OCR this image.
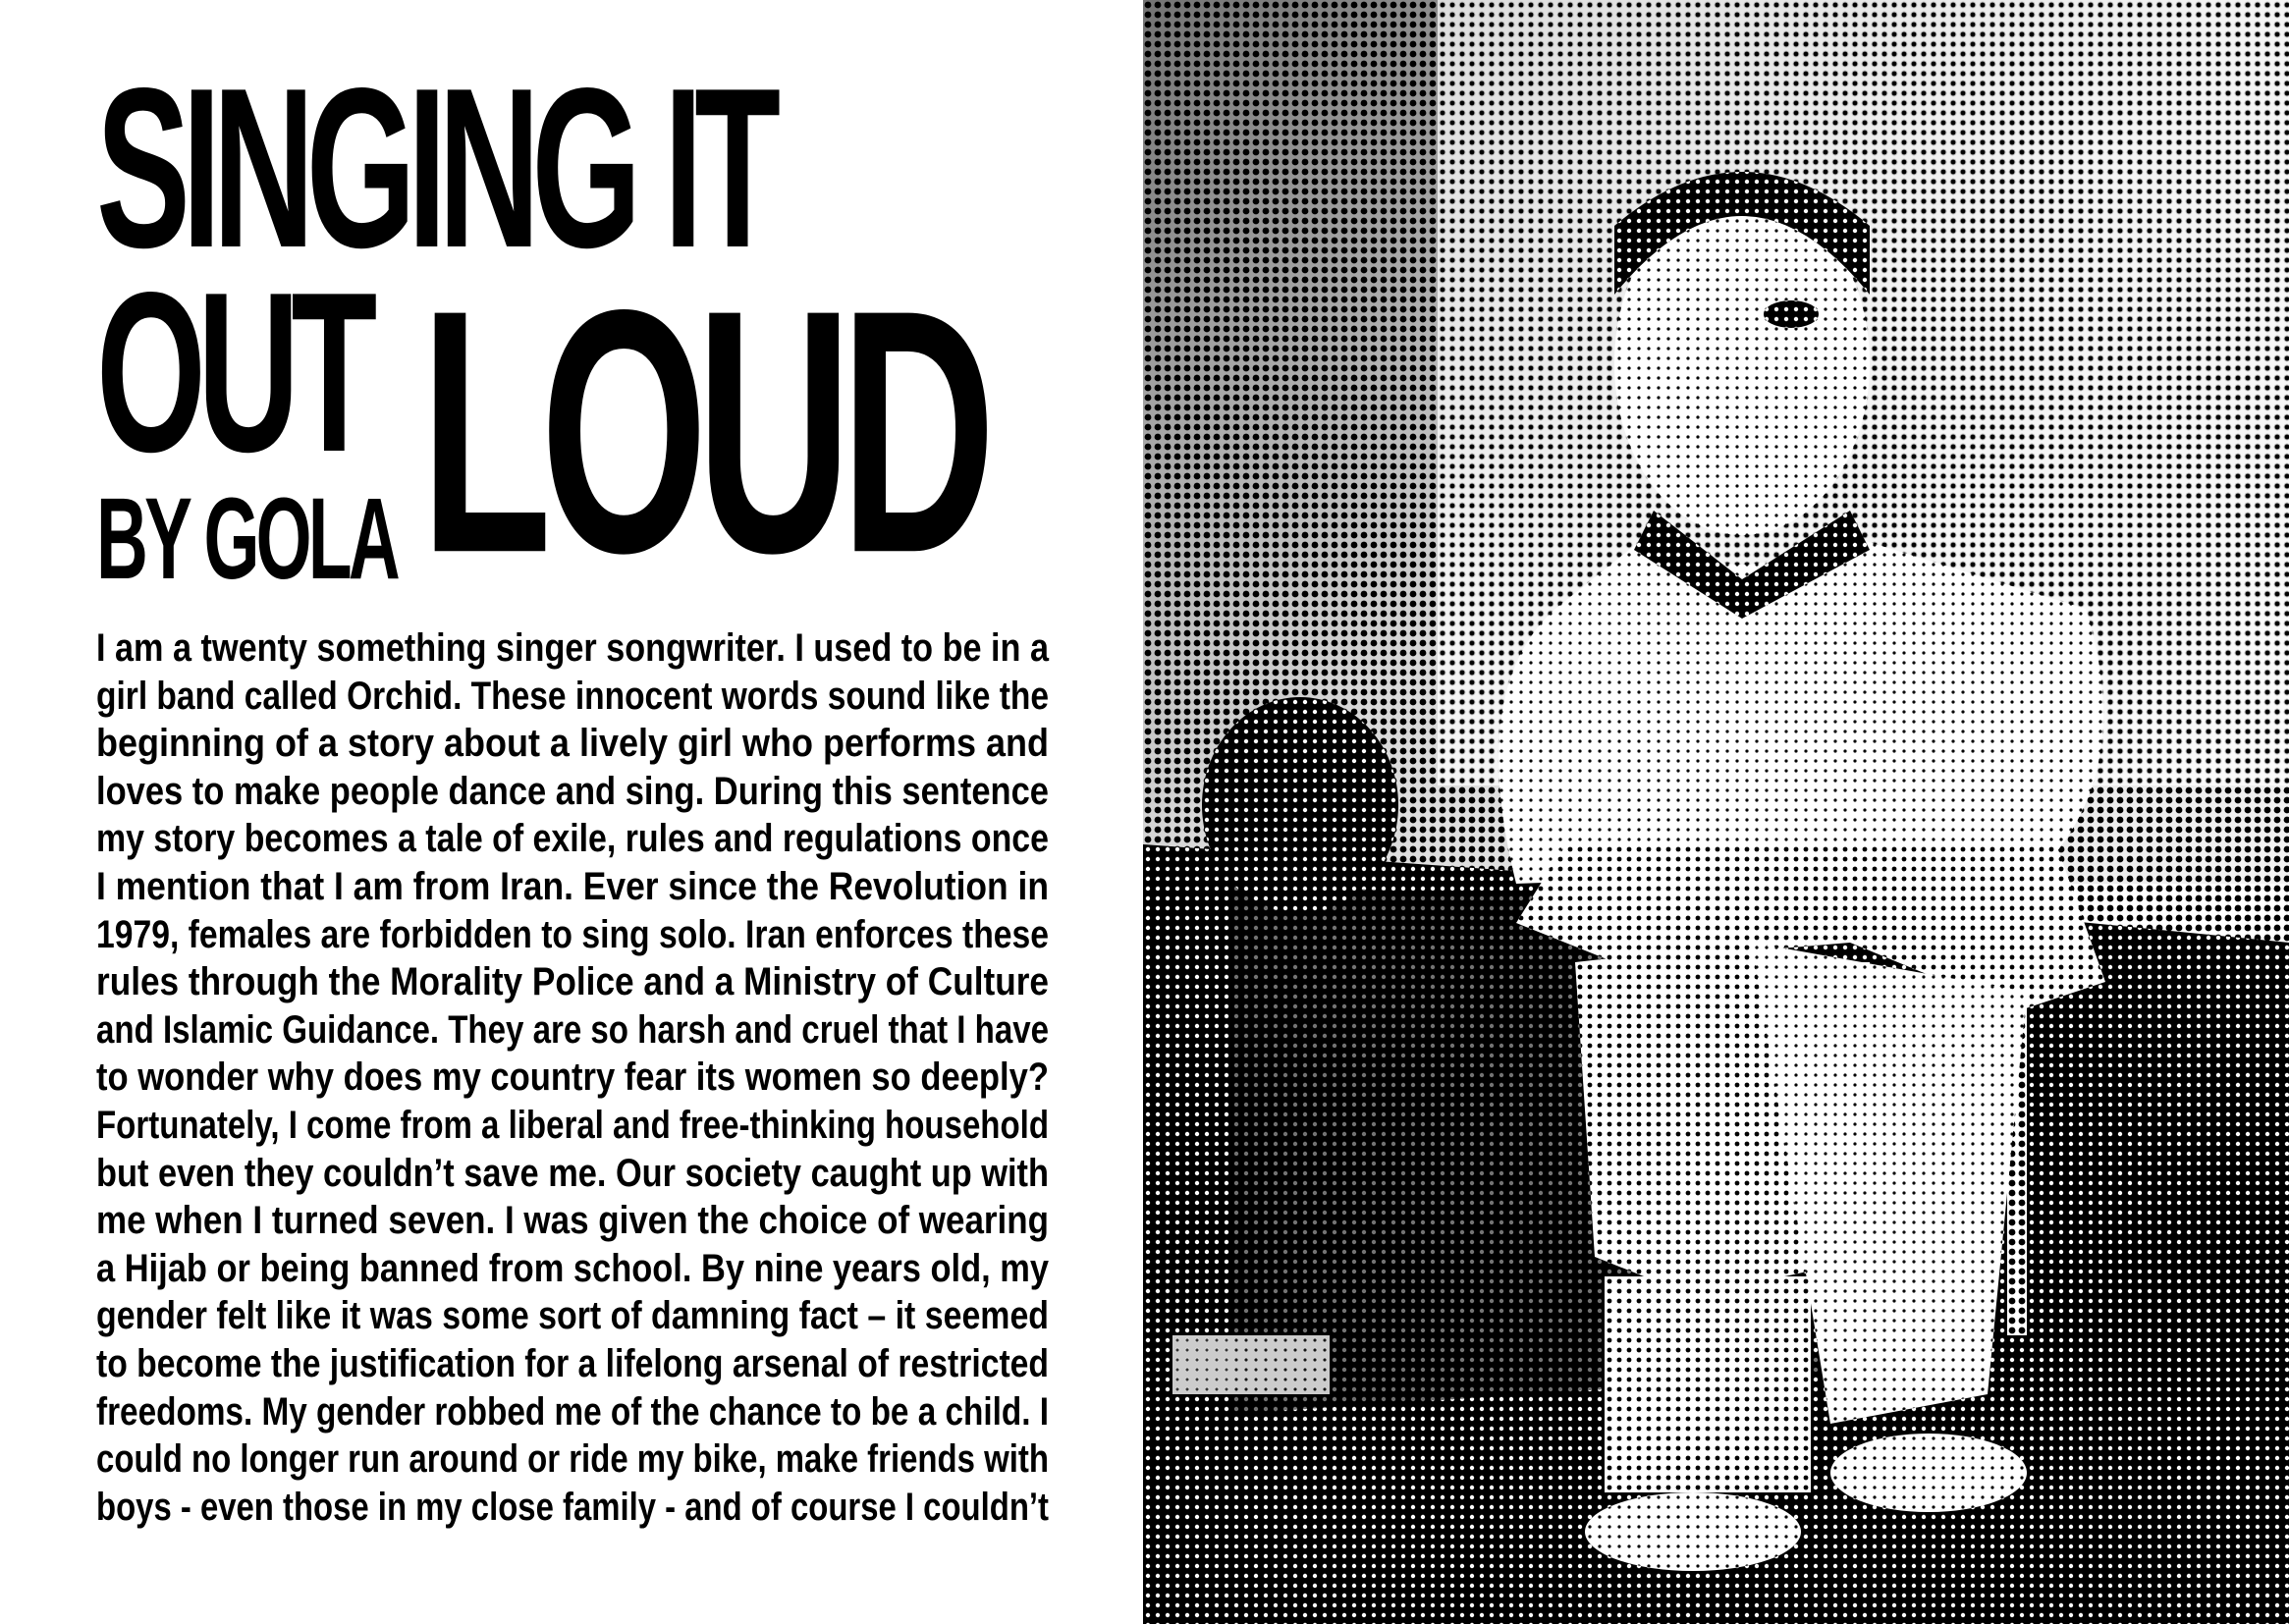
SINGING IT
OUT LOUD
BY GOLA
I am a twenty something singer songwriter. I used to be in a
girl band called Orchid. These innocent words sound like the
beginning of a story about a lively girl who performs and
loves to make people dance and sing. During this sentence
my story becomes a tale of exile, rules and regulations once
I mention that I am from Iran. Ever since the Revolution in
1979, females are forbidden to sing solo. Iran enforces these
rules through the Morality Police and a Ministry of Culture
and Islamic Guidance. They are so harsh and cruel that I have
to wonder why does my country fear its women so deeply?
Fortunately, I come from a liberal and free-thinking household
but even they couldn’t save me. Our society caught up with
me when I turned seven. I was given the choice of wearing
a Hijab or being banned from school. By nine years old, my
gender felt like it was some sort of damning fact – it seemed
to become the justification for a lifelong arsenal of restricted
freedoms. My gender robbed me of the chance to be a child. I
could no longer run around or ride my bike, make friends with
boys - even those in my close family - and of course I couldn’t
